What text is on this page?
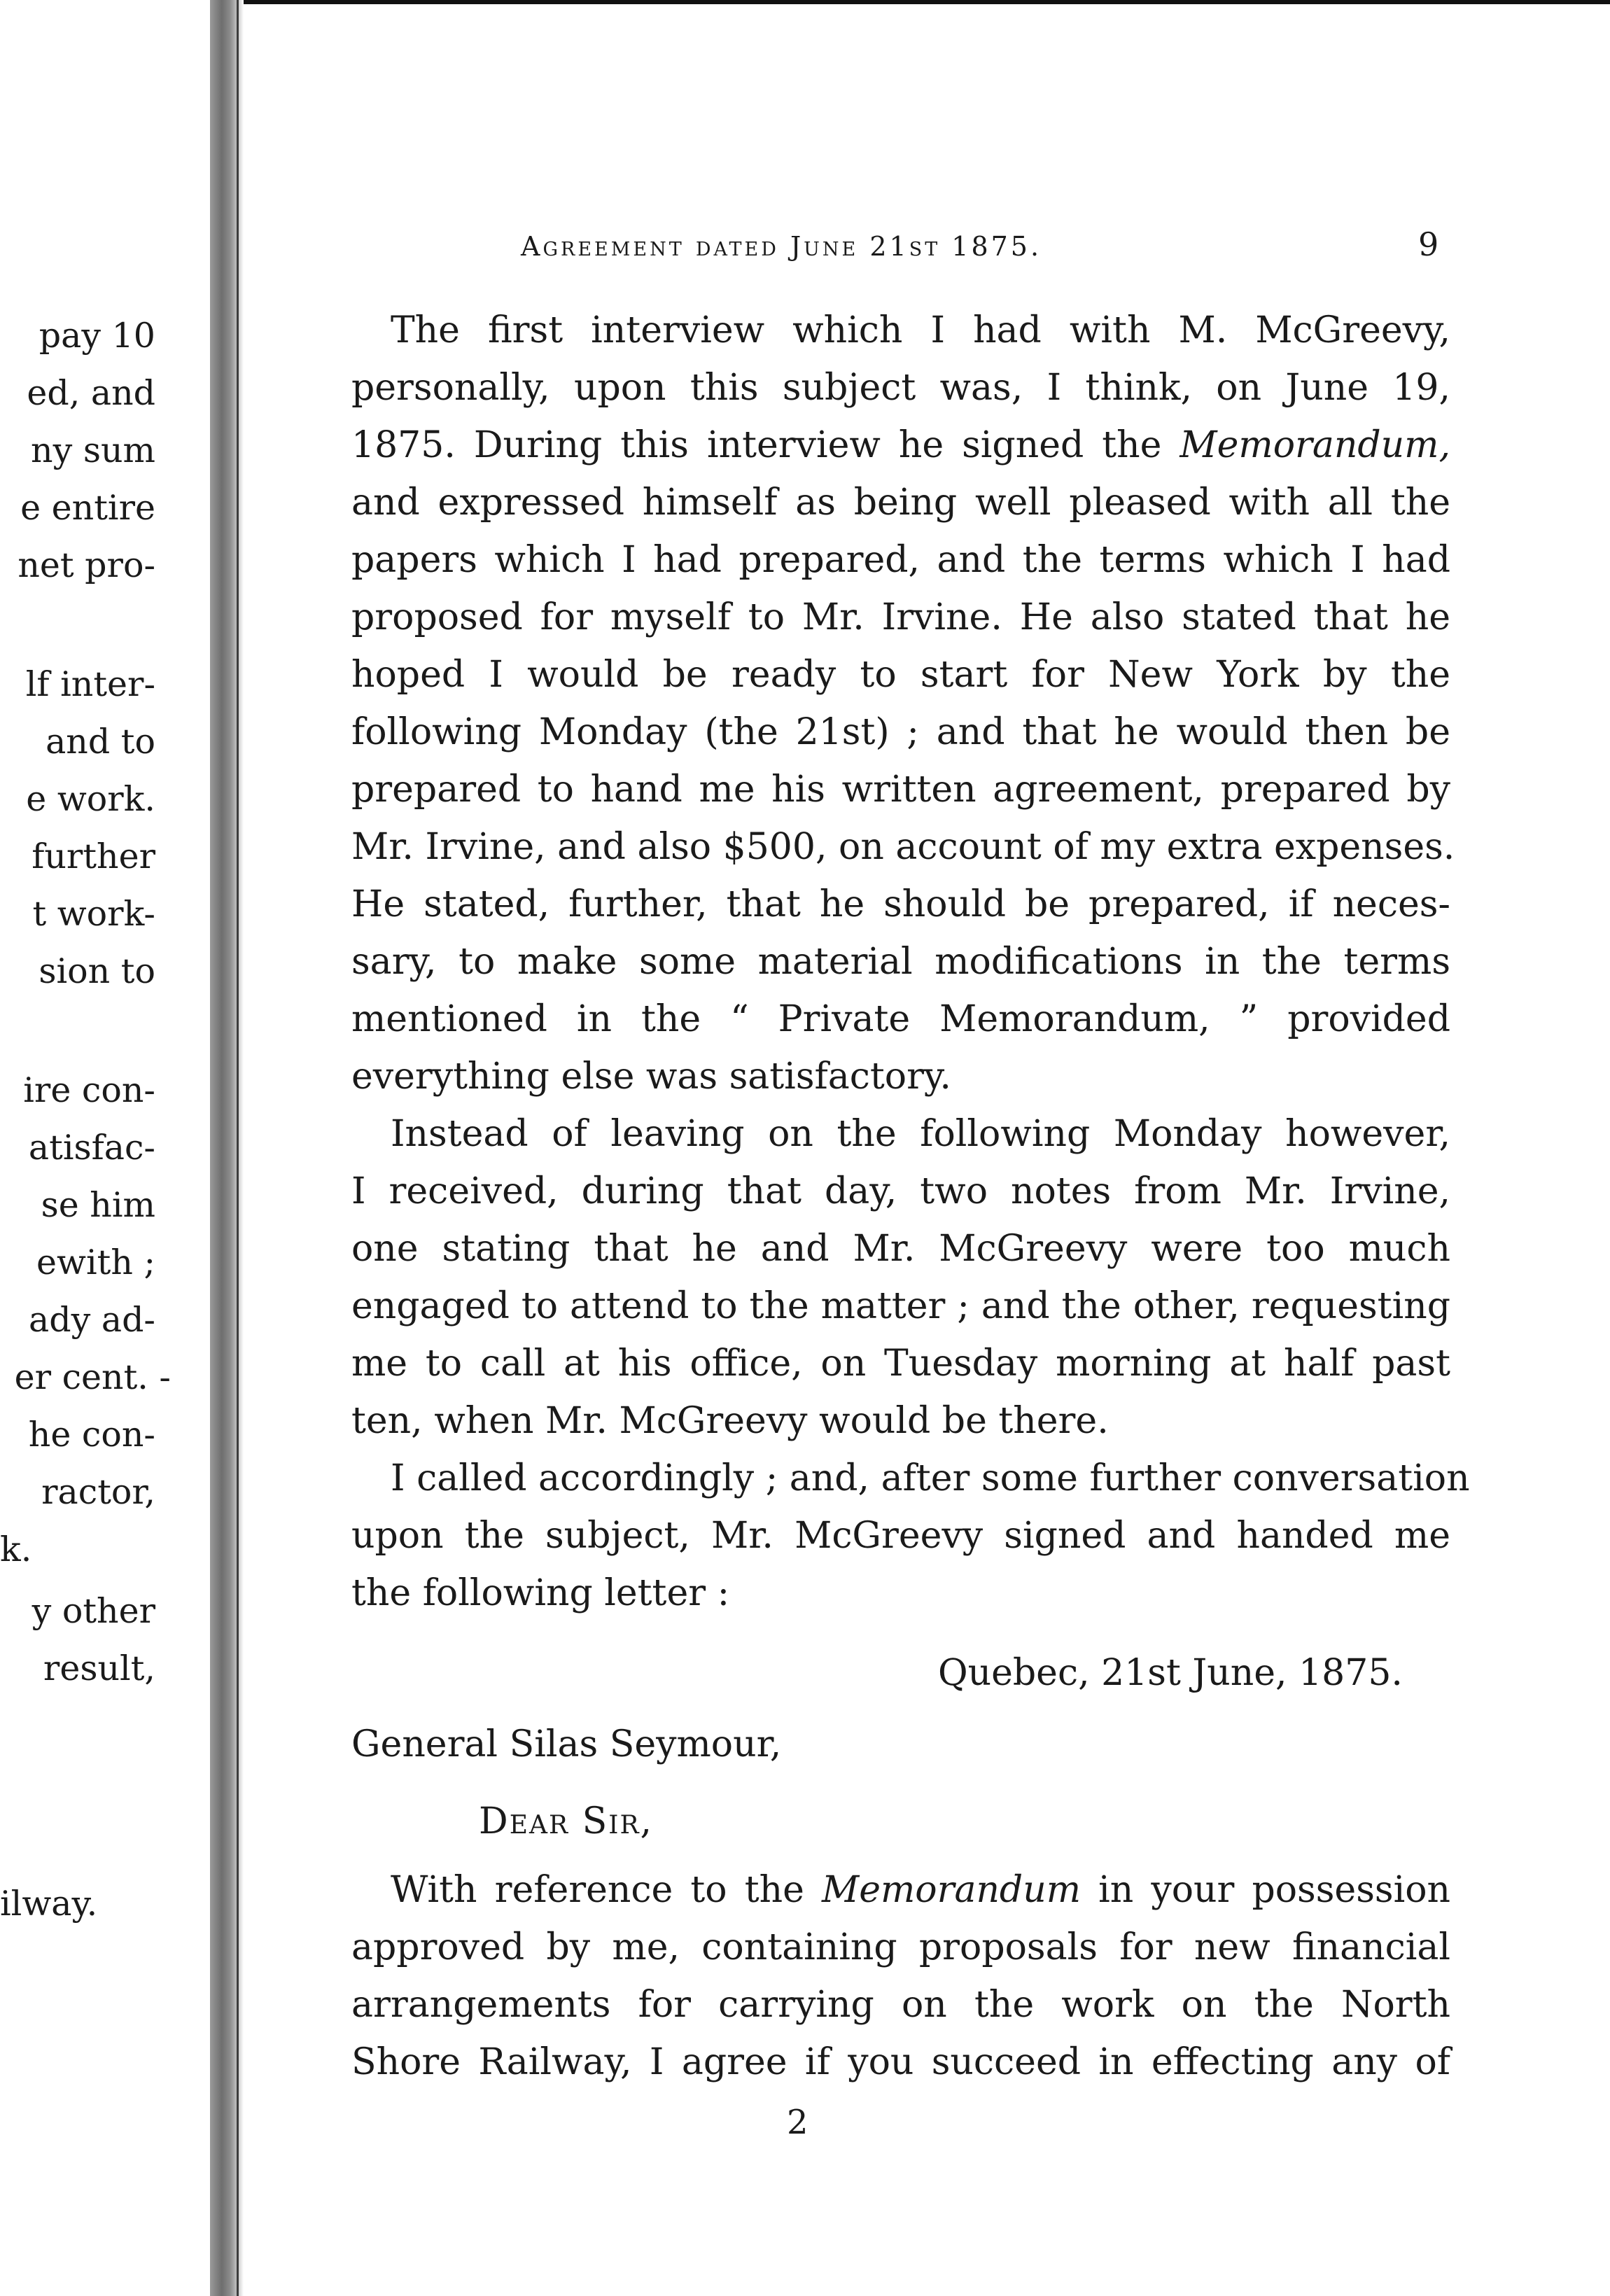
pay 10
ed, and
ny sum
e entire
net pro-
lf inter-
and to
e work.
further
t work-
sion to
ire con-
atisfac-
se him
ewith ;
ady ad-
er cent. -
he con-
ractor,
k.
y other
result,
ilway.
Agreement dated June 21st 1875.	9
The first interview which I had with M. McGreevy,
personally, upon this subject was, I think, on June 19,
1875. During this interview he signed the Memorandum,
and expressed himself as being well pleased with all the
papers which I had prepared, and the terms which I had
proposed for myself to Mr. Irvine. He also stated that he
hoped I would be ready to start for New York by the
following Monday (the 21st) ; and that he would then be
prepared to hand me his written agreement, prepared by
Mr. Irvine, and also $500, on account of my extra expenses.
He stated, further, that he should be prepared, if neces-
sary, to make some material modifications in the terms
mentioned in the “ Private Memorandum, ” provided
everything else was satisfactory.
Instead of leaving on the following Monday however,
I received, during that day, two notes from Mr. Irvine,
one stating that he and Mr. McGreevy were too much
engaged to attend to the matter ; and the other, requesting
me to call at his office, on Tuesday morning at half past
ten, when Mr. McGreevy would be there.
I called accordingly ; and, after some further conversation
upon the subject, Mr. McGreevy signed and handed me
the following letter :
Quebec, 21st June, 1875.
General Silas Seymour,
Dear Sir,
With reference to the Memorandum in your possession
approved by me, containing proposals for new financial
arrangements for carrying on the work on the North
Shore Railway, I agree if you succeed in effecting any of
2
